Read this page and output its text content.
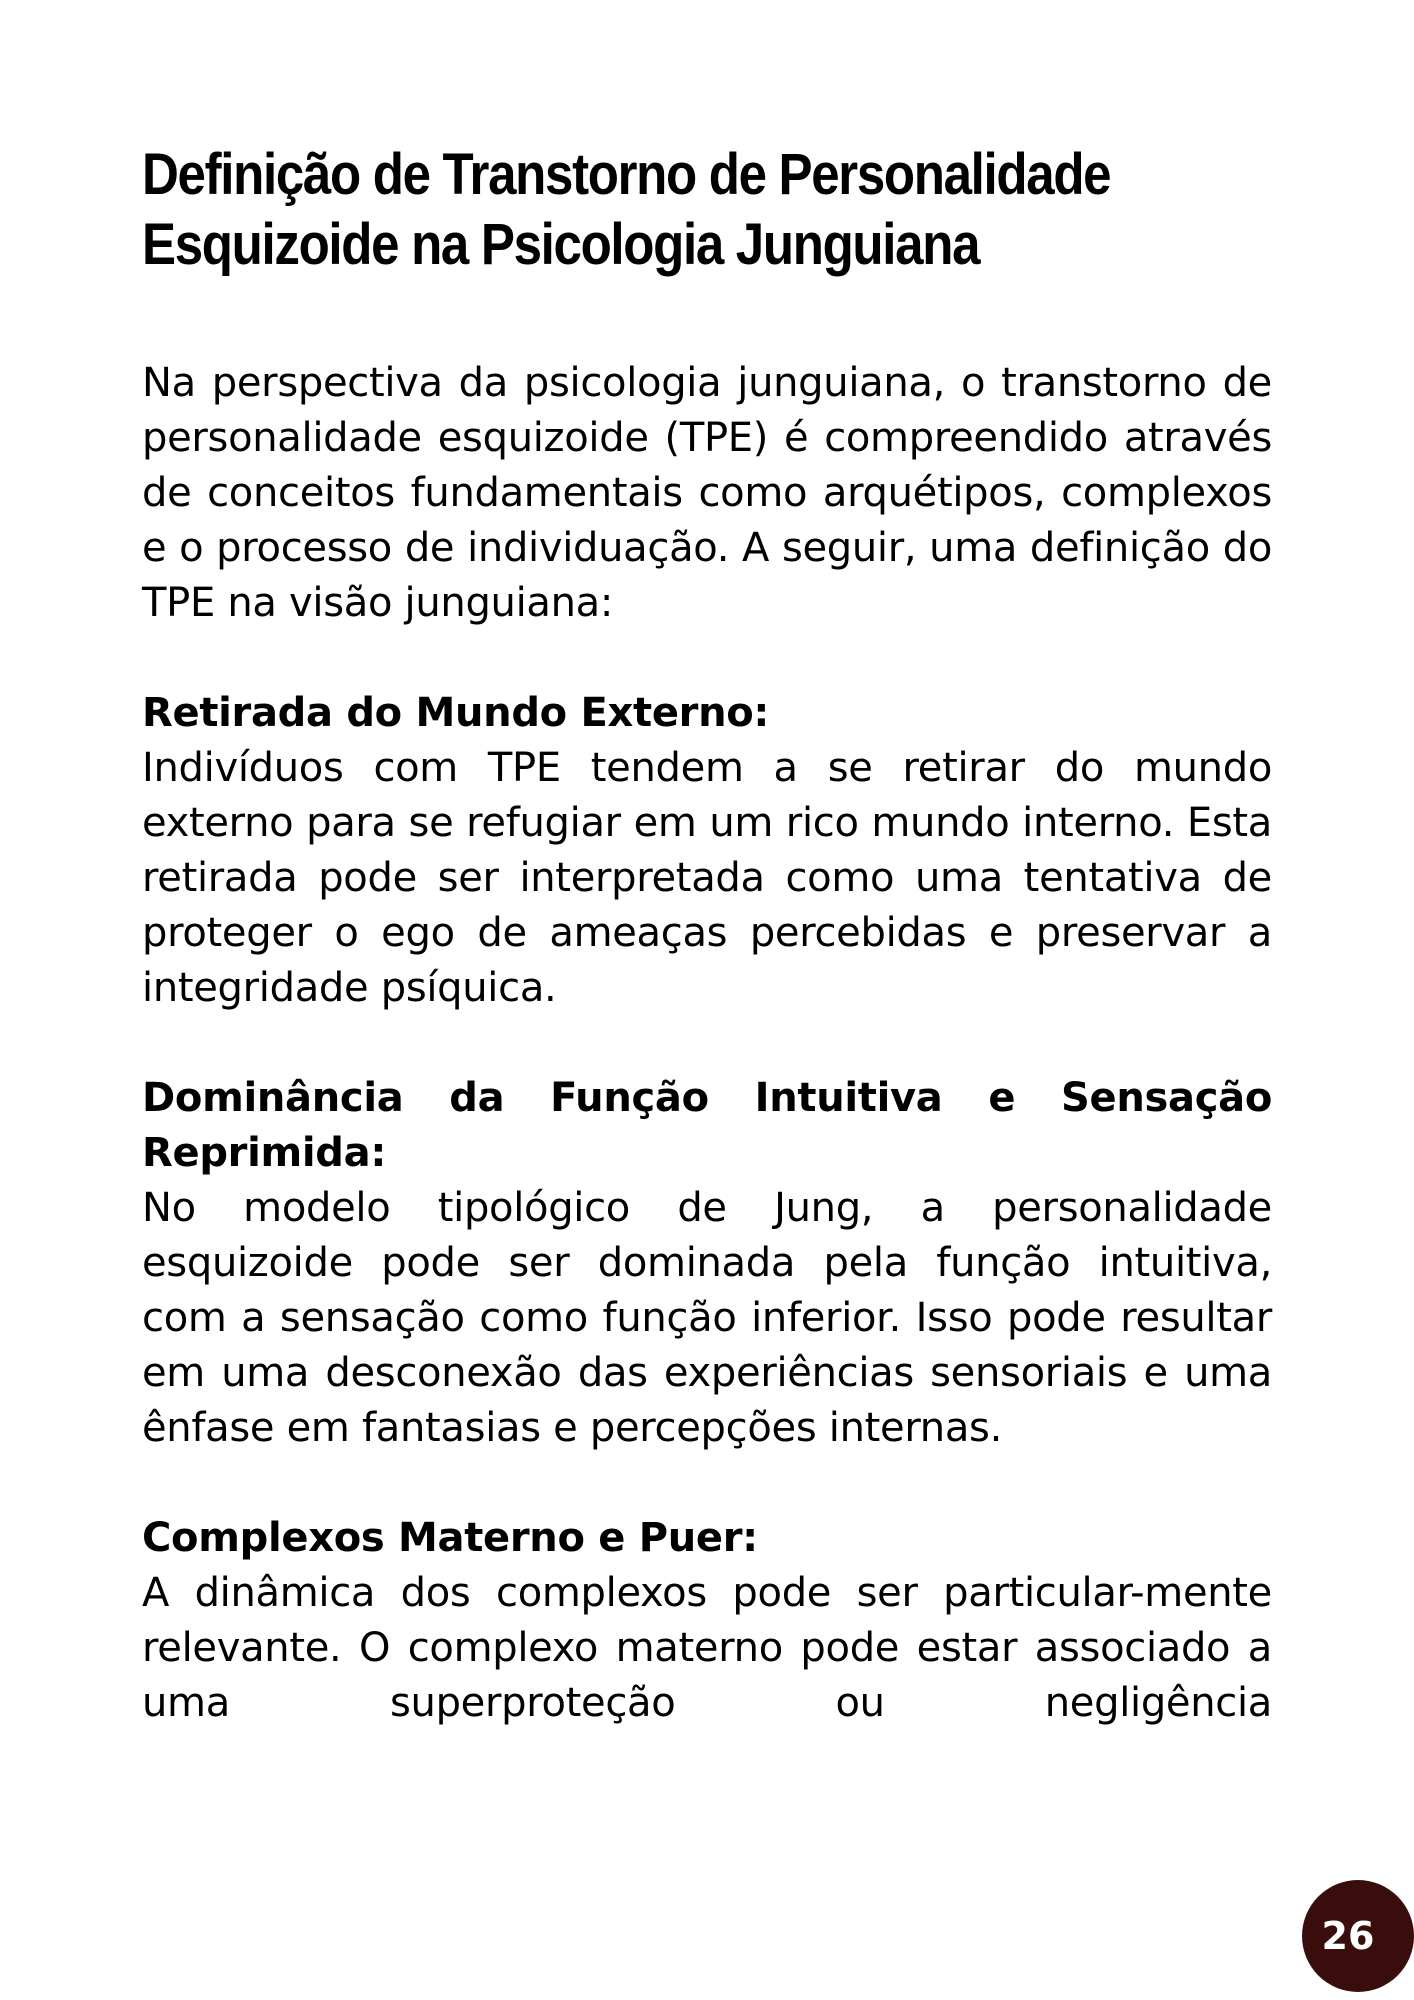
Definição de Transtorno de Personalidade
Esquizoide na Psicologia Junguiana

Na perspectiva da psicologia junguiana, o transtorno de personalidade esquizoide (TPE) é compreendido através de conceitos fundamentais como arquétipos, complexos e o processo de individuação. A seguir, uma definição do TPE na visão junguiana:

Retirada do Mundo Externo:

Indivíduos com TPE tendem a se retirar do mundo externo para se refugiar em um rico mundo interno. Esta retirada pode ser interpretada como uma tentativa de proteger o ego de ameaças percebidas e preservar a integridade psíquica.

Dominância da Função Intuitiva e Sensação Reprimida:

No modelo tipológico de Jung, a personalidade esquizoide pode ser dominada pela função intuitiva, com a sensação como função inferior. Isso pode resultar em uma desconexão das experiências sensoriais e uma ênfase em fantasias e percepções internas.

Complexos Materno e Puer:

A dinâmica dos complexos pode ser particular-mente relevante. O complexo materno pode estar associado a uma superproteção ou negligência

26
